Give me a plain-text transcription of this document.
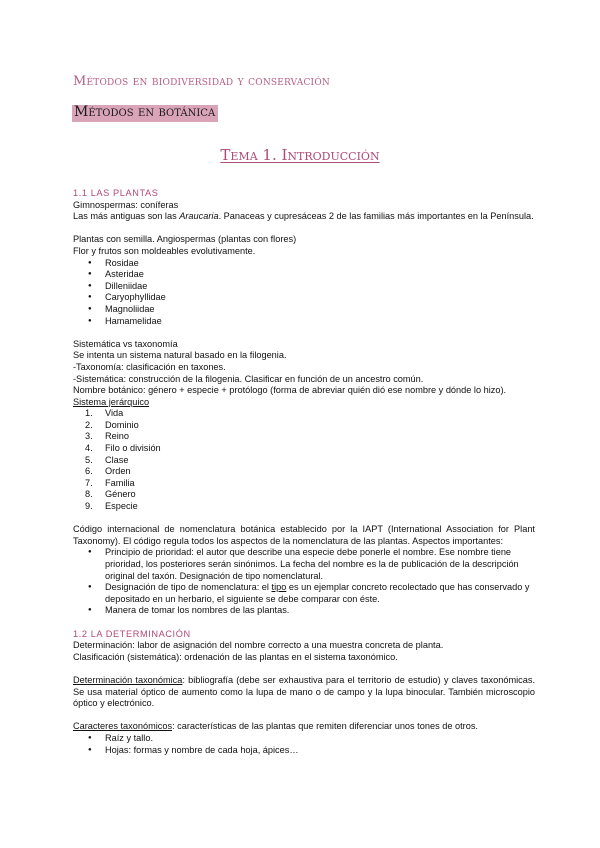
Métodos en biodiversidad y conservación
Métodos en botánica
Tema 1. Introducción

1.1 LAS PLANTAS

Gimnospermas: coníferas

Las más antiguas son las Araucaria. Panaceas y cupresáceas 2 de las familias más importantes en la Península.

Plantas con semilla. Angiospermas (plantas con flores)

Flor y frutos son moldeables evolutivamente.

● Rosidae
● Asteridae
● Dilleniidae
● Caryophyllidae
● Magnoliidae
● Hamamelidae

Sistemática vs taxonomía

Se intenta un sistema natural basado en la filogenia.

-Taxonomía: clasificación en taxones.

-Sistemática: construcción de la filogenia. Clasificar en función de un ancestro común.

Nombre botánico: género + especie + protólogo (forma de abreviar quién dió ese nombre y dónde lo hizo).

Sistema jerárquico

1. Vida
2. Dominio
3. Reino
4. Filo o división
5. Clase
6. Orden
7. Familia
8. Género
9. Especie

Código internacional de nomenclatura botánica establecido por la IAPT (International Association for Plant Taxonomy). El código regula todos los aspectos de la nomenclatura de las plantas. Aspectos importantes:

● Principio de prioridad: el autor que describe una especie debe ponerle el nombre. Ese nombre tiene prioridad, los posteriores serán sinónimos. La fecha del nombre es la de publicación de la descripción original del taxón. Designación de tipo nomenclatural.
● Designación de tipo de nomenclatura: el tipo es un ejemplar concreto recolectado que has conservado y depositado en un herbario, el siguiente se debe comparar con éste.
● Manera de tomar los nombres de las plantas.

1.2 LA DETERMINACIÓN

Determinación: labor de asignación del nombre correcto a una muestra concreta de planta.

Clasificación (sistemática): ordenación de las plantas en el sistema taxonómico.

Determinación taxonómica: bibliografía (debe ser exhaustiva para el territorio de estudio) y claves taxonómicas. Se usa material óptico de aumento como la lupa de mano o de campo y la lupa binocular. También microscopio óptico y electrónico.

Caracteres taxonómicos: características de las plantas que remiten diferenciar unos tones de otros.

● Raíz y tallo.
● Hojas: formas y nombre de cada hoja, ápices…
